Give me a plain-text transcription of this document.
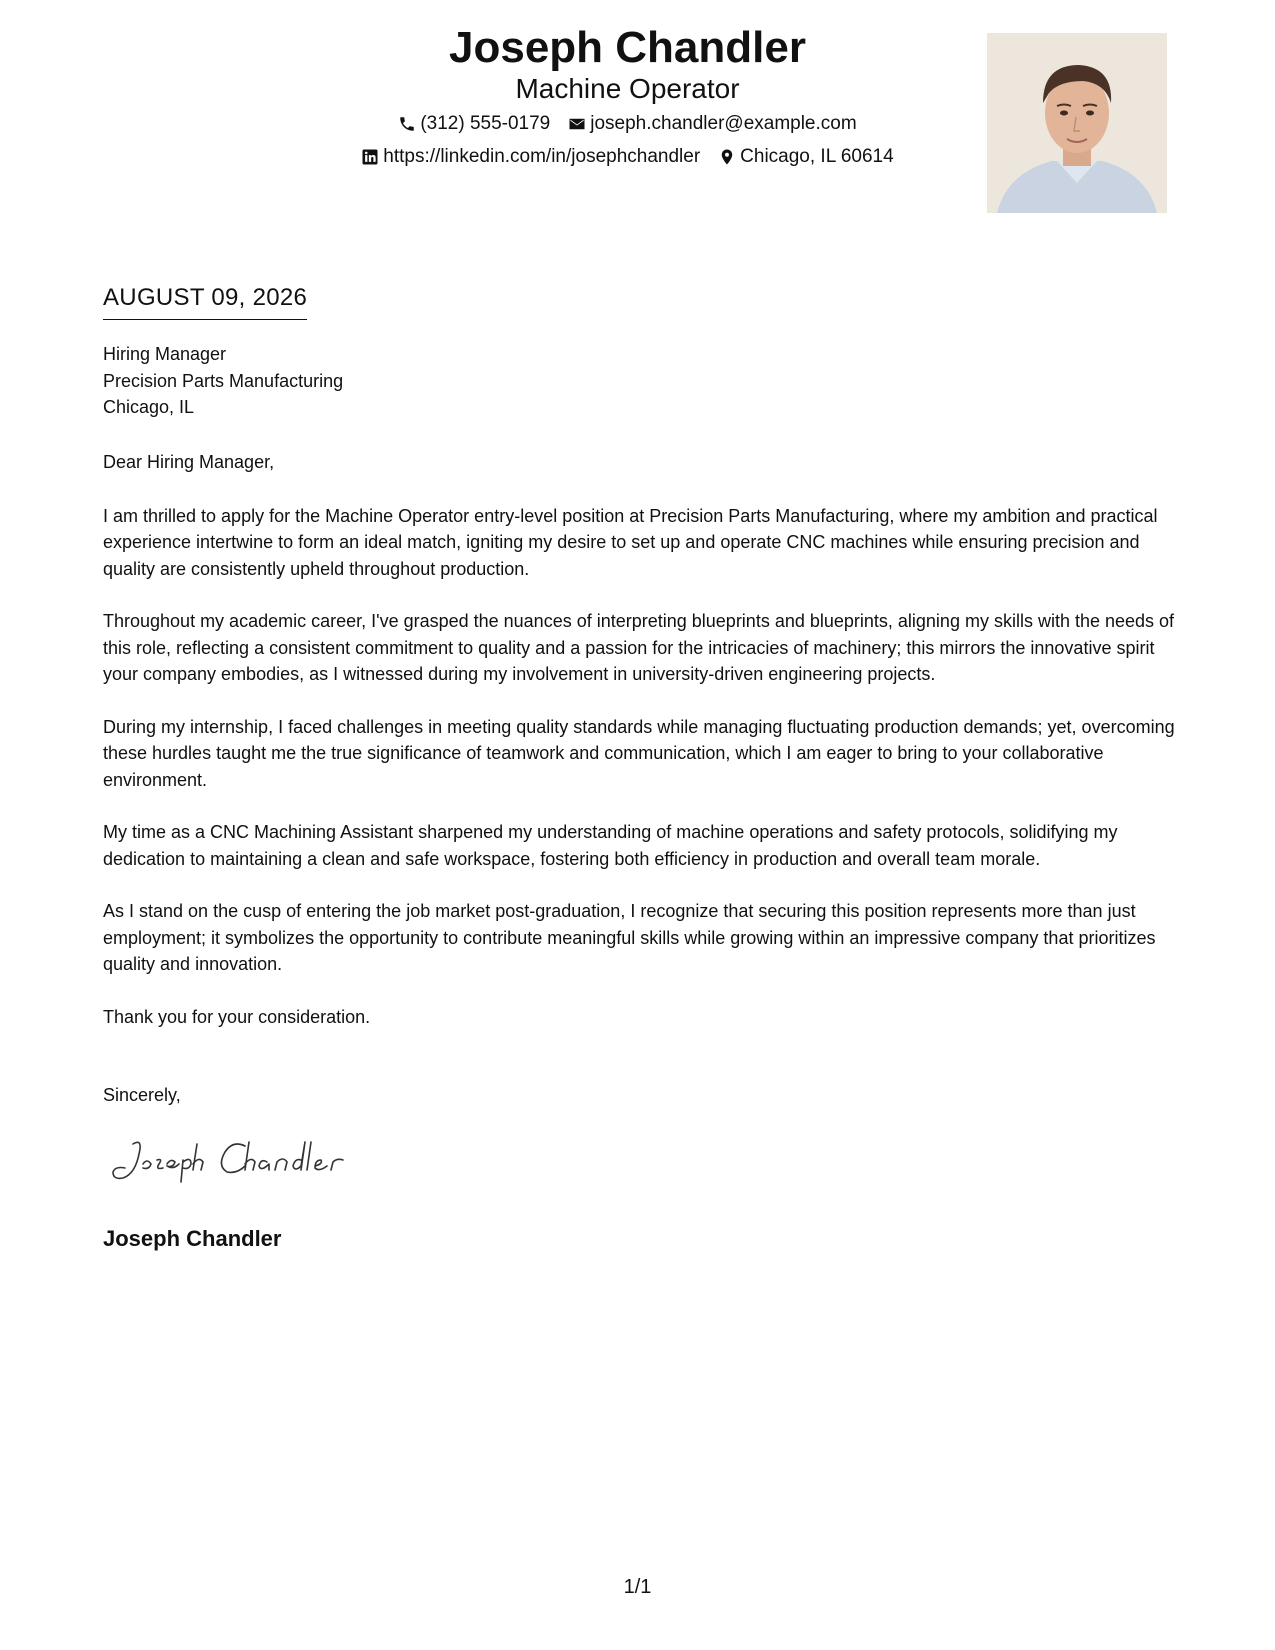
Joseph Chandler
Machine Operator
(312) 555-0179 joseph.chandler@example.com
https://linkedin.com/in/josephchandler Chicago, IL 60614
AUGUST 09, 2026
Hiring Manager
Precision Parts Manufacturing
Chicago, IL

Dear Hiring Manager,

I am thrilled to apply for the Machine Operator entry-level position at Precision Parts Manufacturing, where my ambition and practical experience intertwine to form an ideal match, igniting my desire to set up and operate CNC machines while ensuring precision and quality are consistently upheld throughout production.

Throughout my academic career, I've grasped the nuances of interpreting blueprints and blueprints, aligning my skills with the needs of this role, reflecting a consistent commitment to quality and a passion for the intricacies of machinery; this mirrors the innovative spirit your company embodies, as I witnessed during my involvement in university-driven engineering projects.

During my internship, I faced challenges in meeting quality standards while managing fluctuating production demands; yet, overcoming these hurdles taught me the true significance of teamwork and communication, which I am eager to bring to your collaborative environment.

My time as a CNC Machining Assistant sharpened my understanding of machine operations and safety protocols, solidifying my dedication to maintaining a clean and safe workspace, fostering both efficiency in production and overall team morale.

As I stand on the cusp of entering the job market post-graduation, I recognize that securing this position represents more than just employment; it symbolizes the opportunity to contribute meaningful skills while growing within an impressive company that prioritizes quality and innovation.

Thank you for your consideration.

Sincerely,
Joseph Chandler
1/1
